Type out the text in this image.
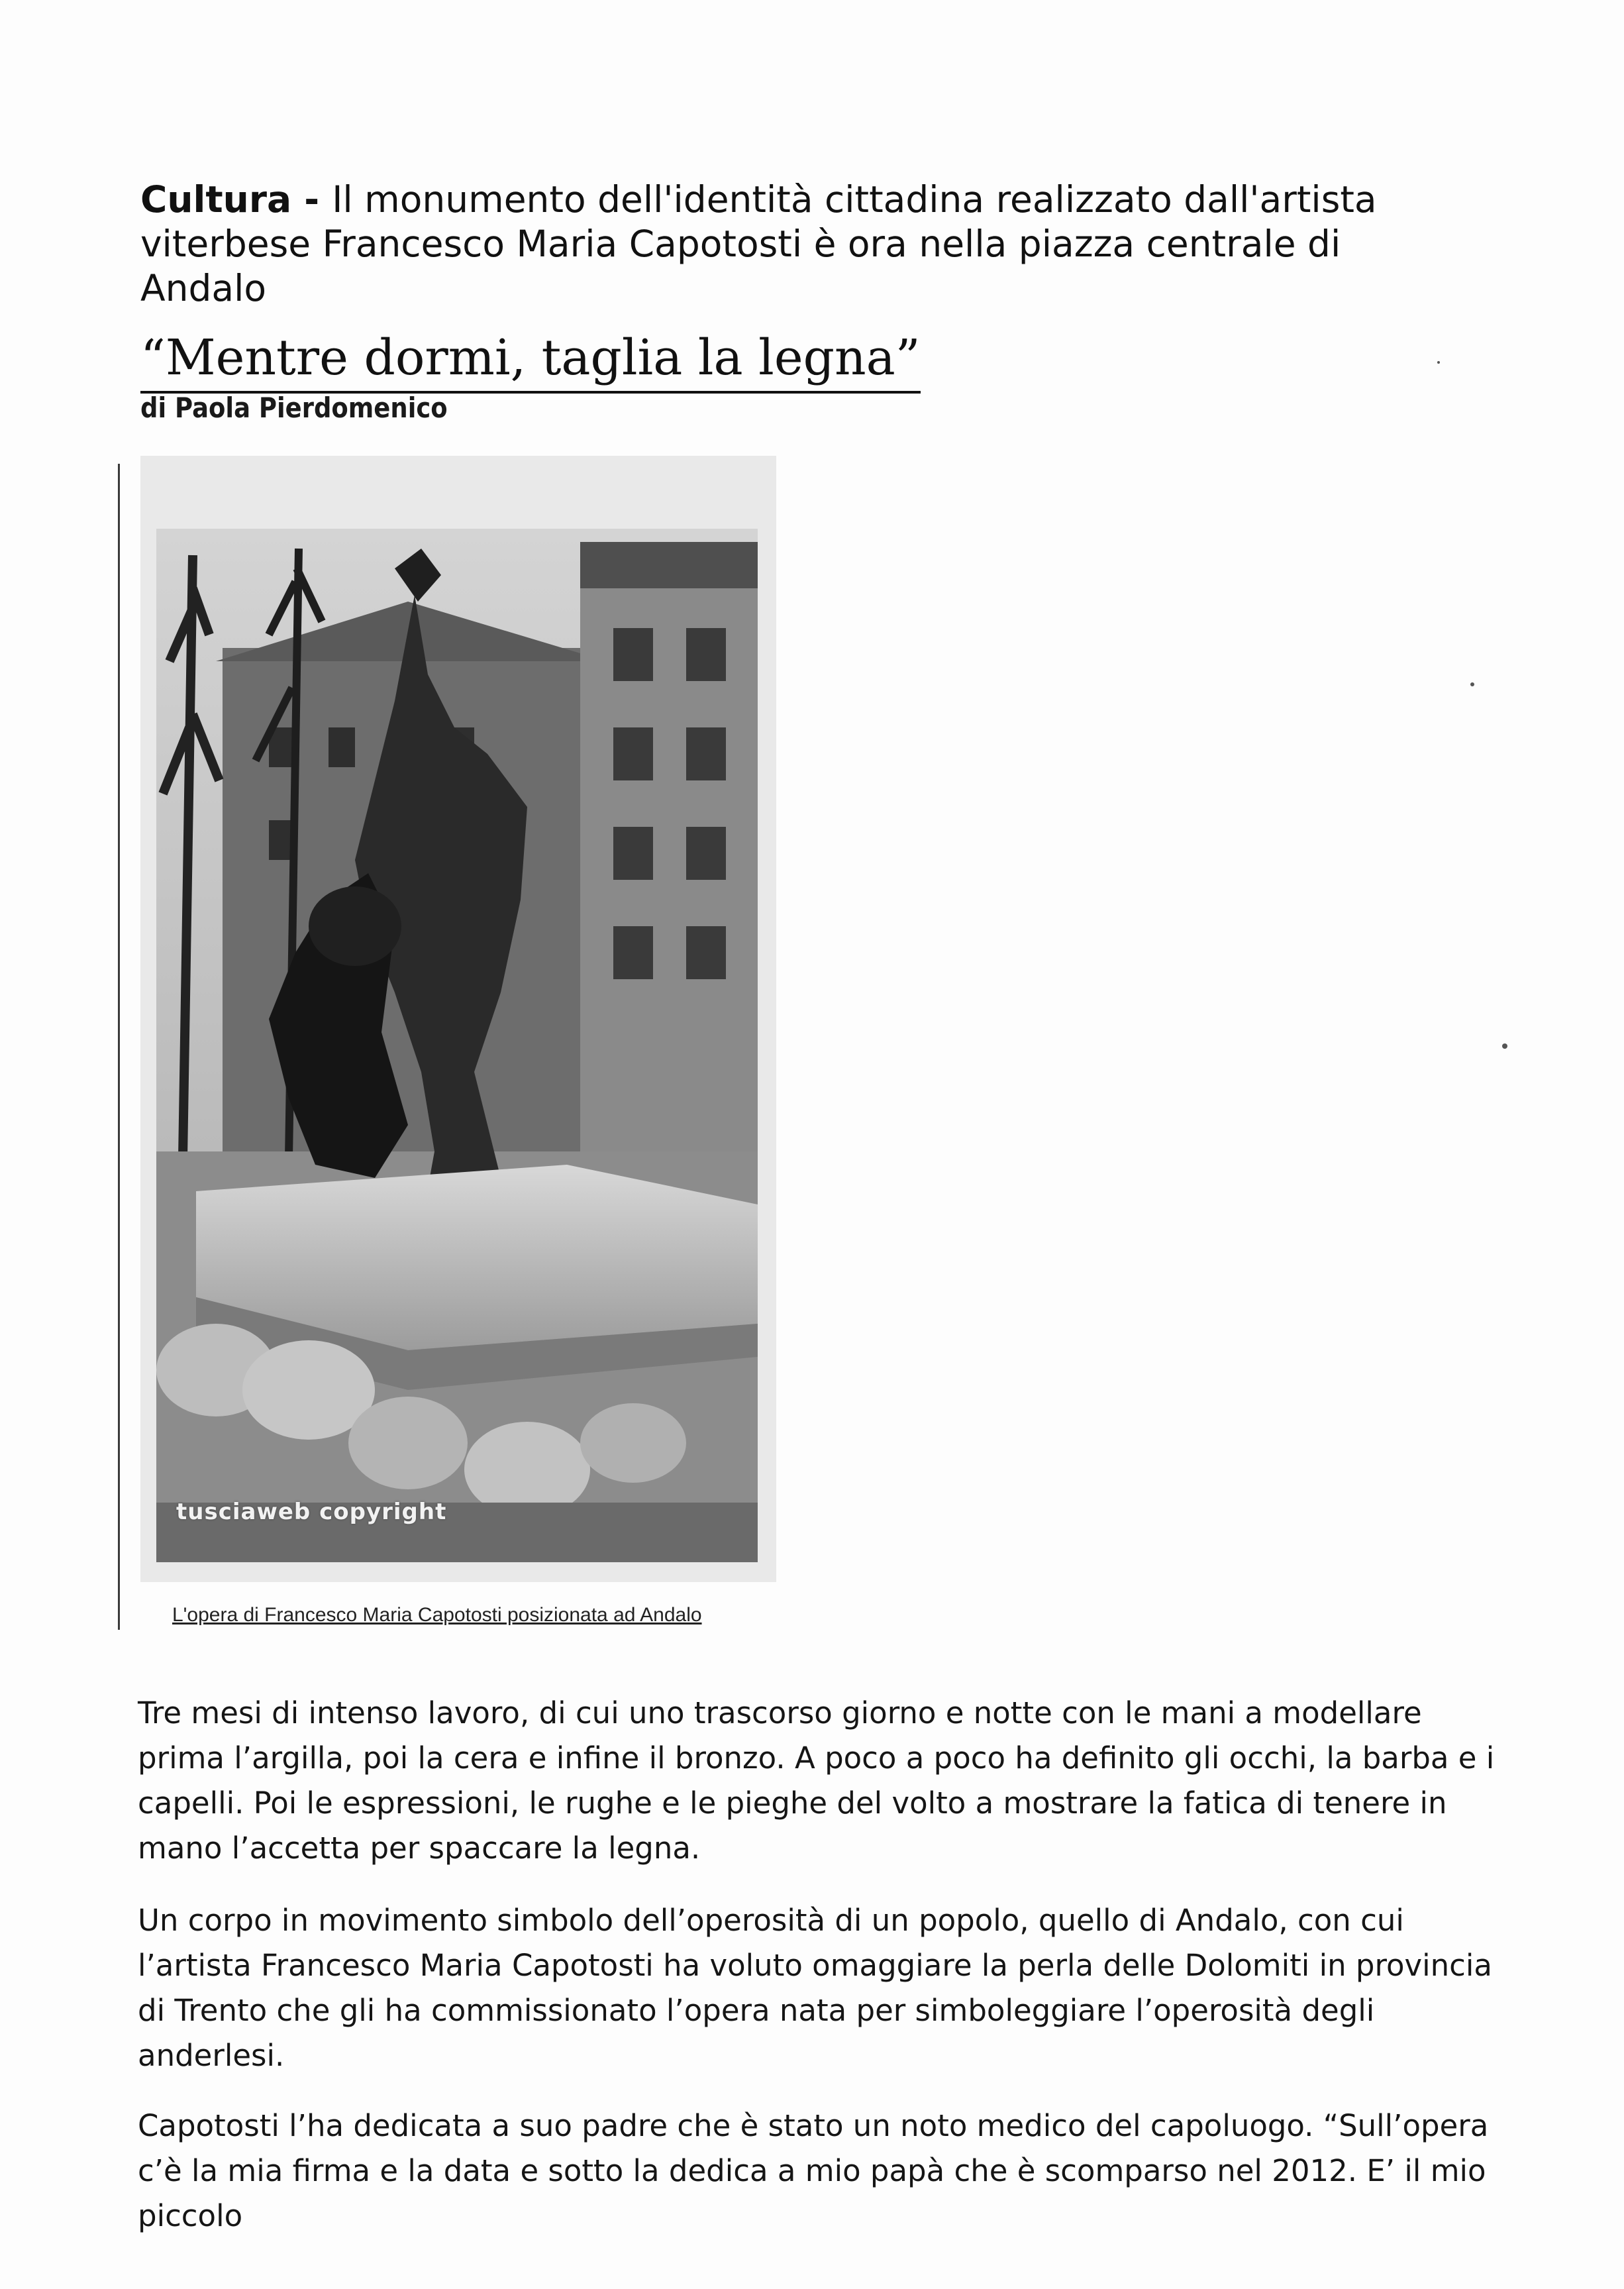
Cultura - Il monumento dell'identità cittadina realizzato dall'artista viterbese Francesco Maria Capotosti è ora nella piazza centrale di Andalo
“Mentre dormi, taglia la legna”
di Paola Pierdomenico
tusciaweb copyright
L'opera di Francesco Maria Capotosti posizionata ad Andalo

Tre mesi di intenso lavoro, di cui uno trascorso giorno e notte con le mani a modellare prima l’argilla, poi la cera e infine il bronzo. A poco a poco ha definito gli occhi, la barba e i capelli. Poi le espressioni, le rughe e le pieghe del volto a mostrare la fatica di tenere in mano l’accetta per spaccare la legna.

Un corpo in movimento simbolo dell’operosità di un popolo, quello di Andalo, con cui l’artista Francesco Maria Capotosti ha voluto omaggiare la perla delle Dolomiti in provincia di Trento che gli ha commissionato l’opera nata per simboleggiare l’operosità degli anderlesi.

Capotosti l’ha dedicata a suo padre che è stato un noto medico del capoluogo. “Sull’opera c’è la mia firma e la data e sotto la dedica a mio papà che è scomparso nel 2012. E’ il mio piccolo
